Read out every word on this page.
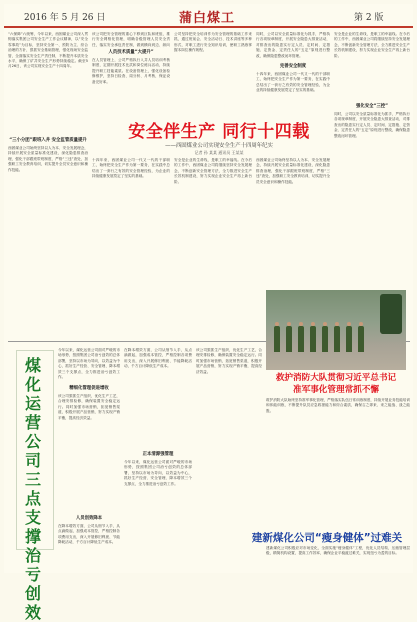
2016 年 5 月 26 日	蒲白煤工	第 2 版
“六保障”六统筹，今年以来，西固煤业公司深入贯彻落实集团公司安全生产工作会议精神，以“安全零事故”为目标，坚持安全第一、预防为主、综合治理的方针，狠抓安全基础管理，强化现场安全监管，全面落实安全生产责任制，不断提升本质安全水平，确保了矿井安全生产形势持续稳定。截至5月26日，该公司实现安全生产十四周年。
“三小分团”跟班入井 安全监管质量提升
西固煤业公司始终坚持以人为本、安全发展理念，持续开展安全质量标准化建设，深化隐患排查治理，强化干部跟班带班制度，严格“三违”查处，加强职工安全教育培训，切实提升全员安全意识和操作技能。
该公司把安全管理的重心下移到区队和班组，推行安全网格化管理，明确各级管理人员安全责任，落实安全承包责任制，做到横向到边、纵向
人员技术质量“大提升”
在人员管理上，公司严格执行入井人员培训考核制度，定期开展技术比武和岗位练兵活动，持续提升职工技能素质。在设备管理上，强化设备检修维护，坚持日检查、周分析、月考核，保证设备完好率。
公司坚持把安全培训作为安全管理的基础工作来抓，通过班前会、安全活动日、技术讲座等多种形式，对职工进行安全知识培训，使职工熟练掌握本岗位操作规程。
同时，公司以安全质量标准化为抓手，严格执行各项规章制度，开展安全隐患大排查活动，对排查出的隐患实行定人员、定时间、定措施、定资金、定责任人的“五定”原则进行整改，确保隐患整改闭环管理。
完善安全制度
十四年来，西固煤业公司一代又一代的干部职工，始终把安全生产作为第一要务，在实践中总结出了一套行之有效的安全管理经验，为企业的持续健康发展奠定了坚实的基础。
安全是企业的生命线，是职工的幸福线。在今后的工作中，西固煤业公司将继续坚持安全发展理念，不断创新安全管理方法，全力推进安全生产长效机制建设，努力实现企业安全生产再上新台阶。
强化安全“三控”
同时，公司以安全质量标准化为抓手，严格执行各项规章制度，开展安全隐患大排查活动，对排查出的隐患实行定人员、定时间、定措施、定资金、定责任人的“五定”原则进行整改，确保隐患整改闭环管理。
安全伴生产 同行十四载
——西固煤业公司实现安全生产十四周年纪实
记者 孙 某某 通讯员 王某某
十四年来，西固煤业公司一代又一代的干部职工，始终把安全生产作为第一要务，在实践中总结出了一套行之有效的安全管理经验，为企业的持续健康发展奠定了坚实的基础。
安全是企业的生命线，是职工的幸福线。在今后的工作中，西固煤业公司将继续坚持安全发展理念，不断创新安全管理方法，全力推进安全生产长效机制建设，努力实现企业安全生产再上新台阶。
西固煤业公司始终坚持以人为本、安全发展理念，持续开展安全质量标准化建设，深化隐患排查治理，强化干部跟班带班制度，严格“三违”查处，加强职工安全教育培训，切实提升全员安全意识和操作技能。
救护消防大队贯彻习近平总书记
准军事化管理常抓不懈
煤化运营公司三点支撑治亏创效
今年以来，煤化运营公司面对严峻的市场形势，按照集团公司治亏创效的总体部署，坚持以市场为导向，以效益为中心，抓好生产经营、安全管理、降本增效三个支撑点，全力推进治亏创效工作。
精细化管理促进增收
该公司狠抓生产组织，优化生产工艺，合理安排检修，确保装置安全稳定运行。同时加强市场营销，拓宽销售渠道，积极开展产品营销，努力实现产销平衡，提高经济效益。
人员创效降本
在降本增效方面，公司从细节入手，从点滴做起，加强成本管控，严格控制各项费用支出，深入开展修旧利废、节能降耗活动，千方百计降低生产成本。
在降本增效方面，公司从细节入手，从点滴做起，加强成本管控，严格控制各项费用支出，深入开展修旧利废、节能降耗活动，千方百计降低生产成本。
正本清源强管理
今年以来，煤化运营公司面对严峻的市场形势，按照集团公司治亏创效的总体部署，坚持以市场为导向，以效益为中心，抓好生产经营、安全管理、降本增效三个支撑点，全力推进治亏创效工作。
该公司狠抓生产组织，优化生产工艺，合理安排检修，确保装置安全稳定运行。同时加强市场营销，拓宽销售渠道，积极开展产品营销，努力实现产销平衡，提高经济效益。
救护消防大队始终坚持准军事化管理，严格落实队伍日常训练制度，持续开展业务技能培训和体能训练，不断提升队员应急救援能力和综合素质，确保召之即来、来之能战、战之能胜。
建新煤化公司“瘦身健体”过难关
建新煤化公司积极应对市场变化，全面实施“瘦身健体”工程，优化人员结构，压缩管理层级，精简机构设置，提高工作效率，确保企业平稳渡过难关，实现扭亏为盈的目标。
